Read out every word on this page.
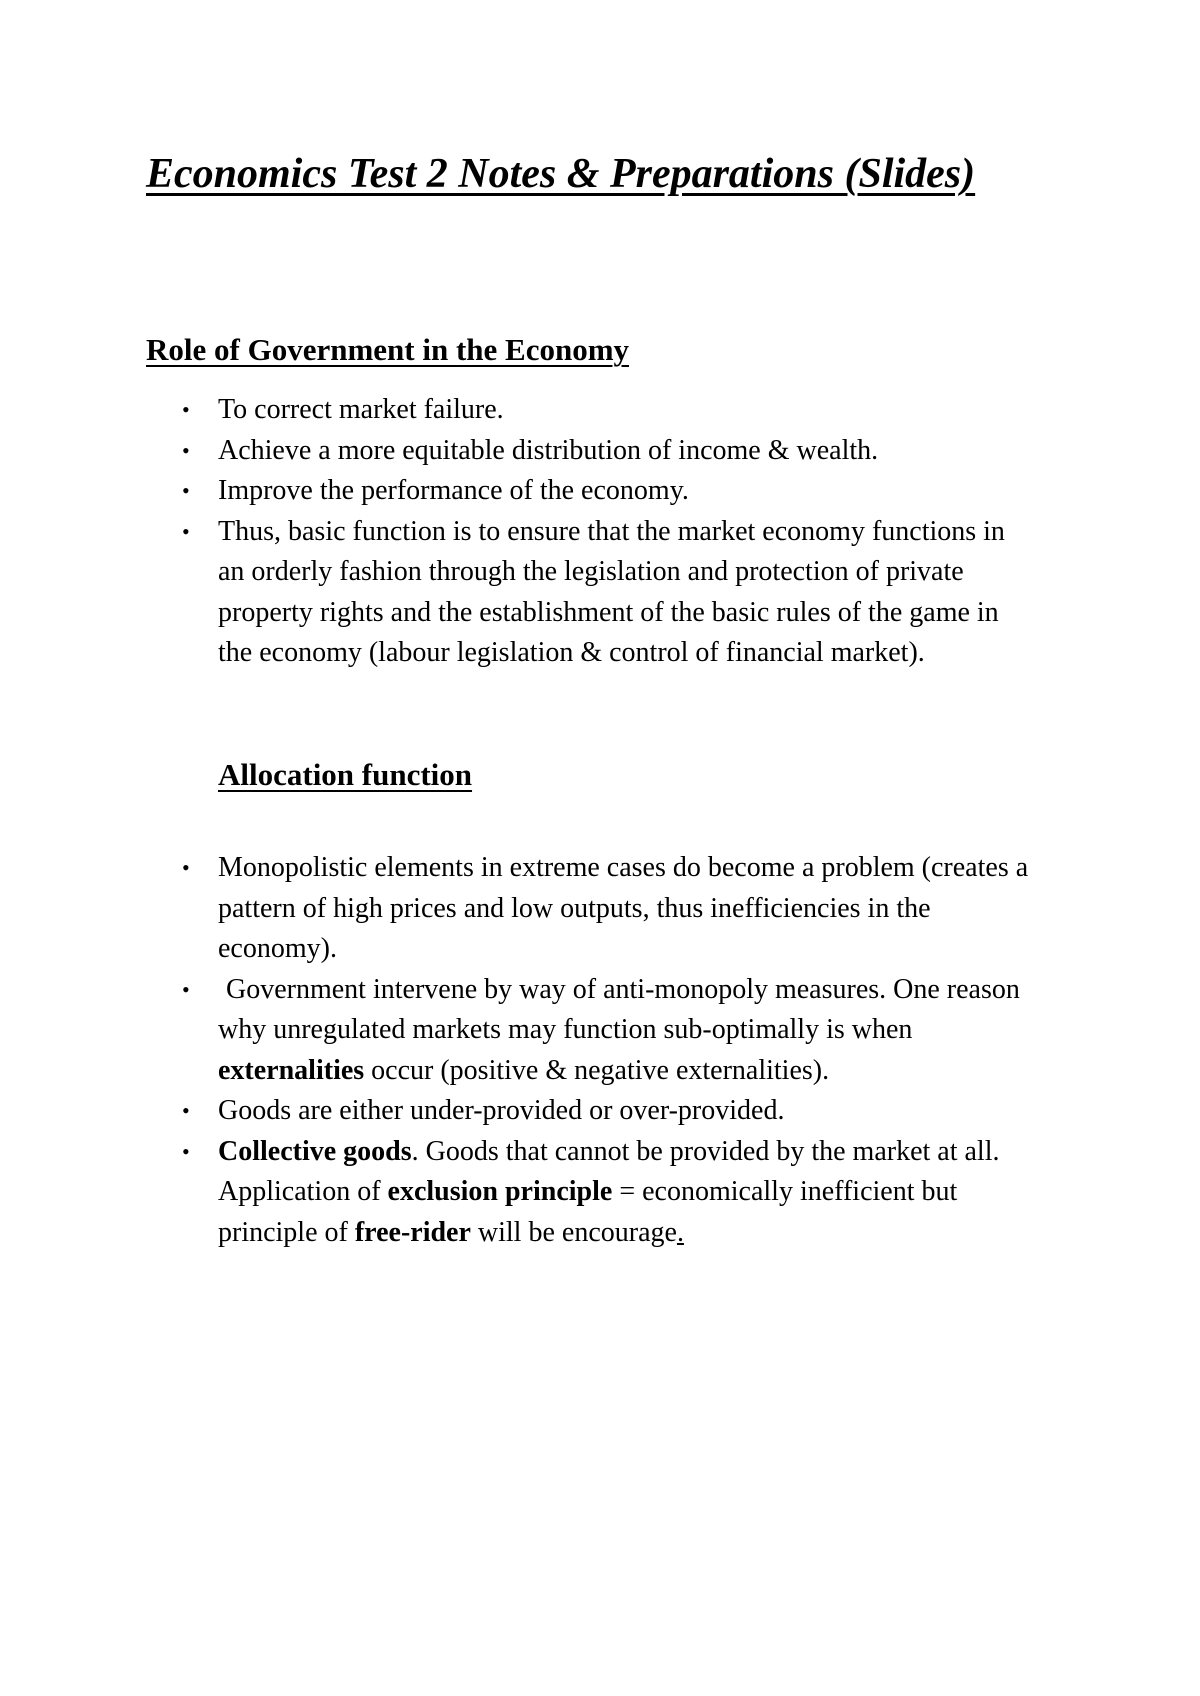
Economics Test 2 Notes & Preparations (Slides)
Role of Government in the Economy
• To correct market failure.
• Achieve a more equitable distribution of income & wealth.
• Improve the performance of the economy.
• Thus, basic function is to ensure that the market economy functions in an orderly fashion through the legislation and protection of private property rights and the establishment of the basic rules of the game in the economy (labour legislation & control of financial market).
Allocation function
• Monopolistic elements in extreme cases do become a problem (creates a pattern of high prices and low outputs, thus inefficiencies in the economy).
• Government intervene by way of anti-monopoly measures. One reason why unregulated markets may function sub-optimally is when externalities occur (positive & negative externalities).
• Goods are either under-provided or over-provided.
• Collective goods. Goods that cannot be provided by the market at all. Application of exclusion principle = economically inefficient but principle of free-rider will be encourage.
